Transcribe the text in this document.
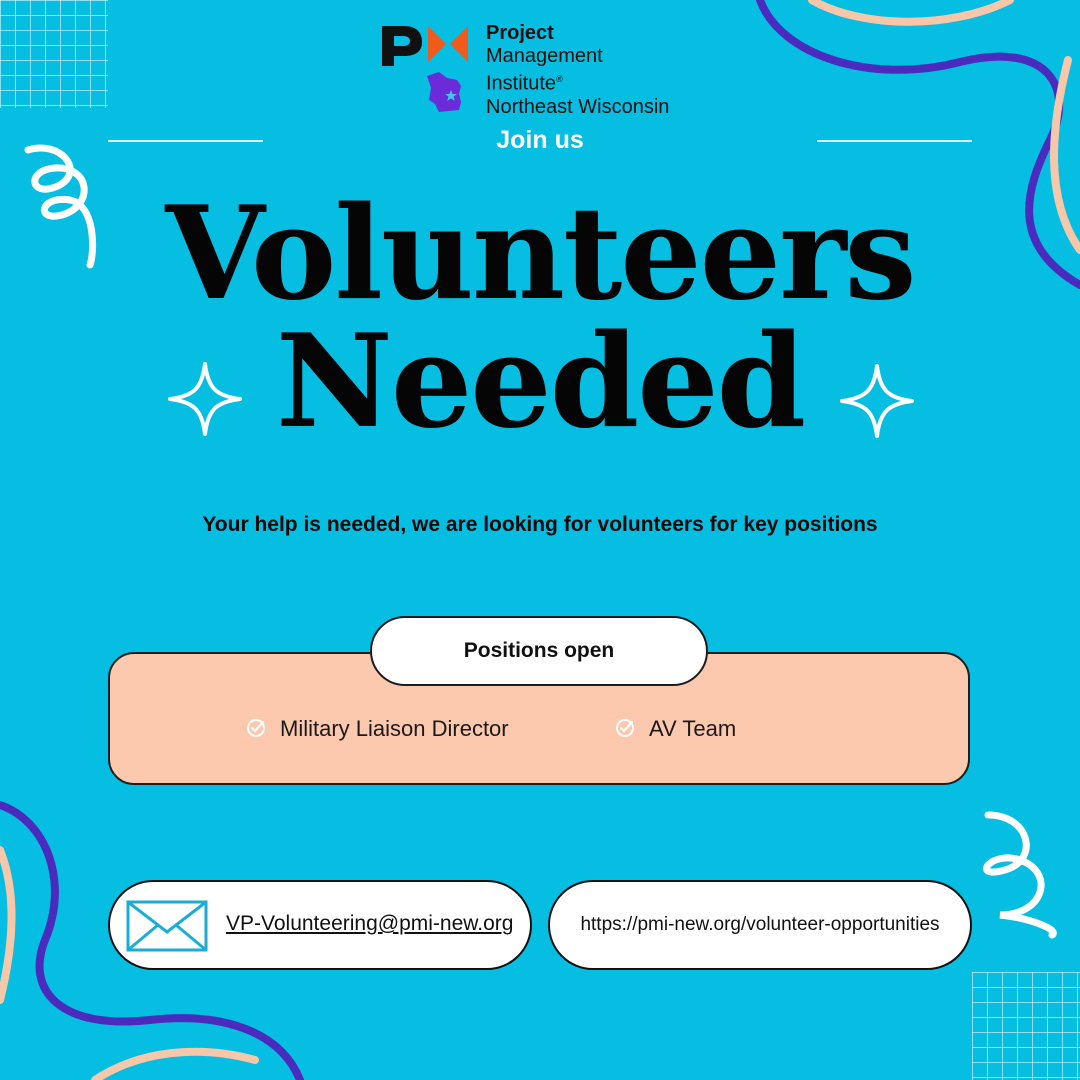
Project
Management
Institute®
Northeast Wisconsin
Join us
Volunteers
Needed
Your help is needed, we are looking for volunteers for key positions
Positions open
Military Liaison Director	AV Team
VP-Volunteering@pmi-new.org	https://pmi-new.org/volunteer-opportunities
